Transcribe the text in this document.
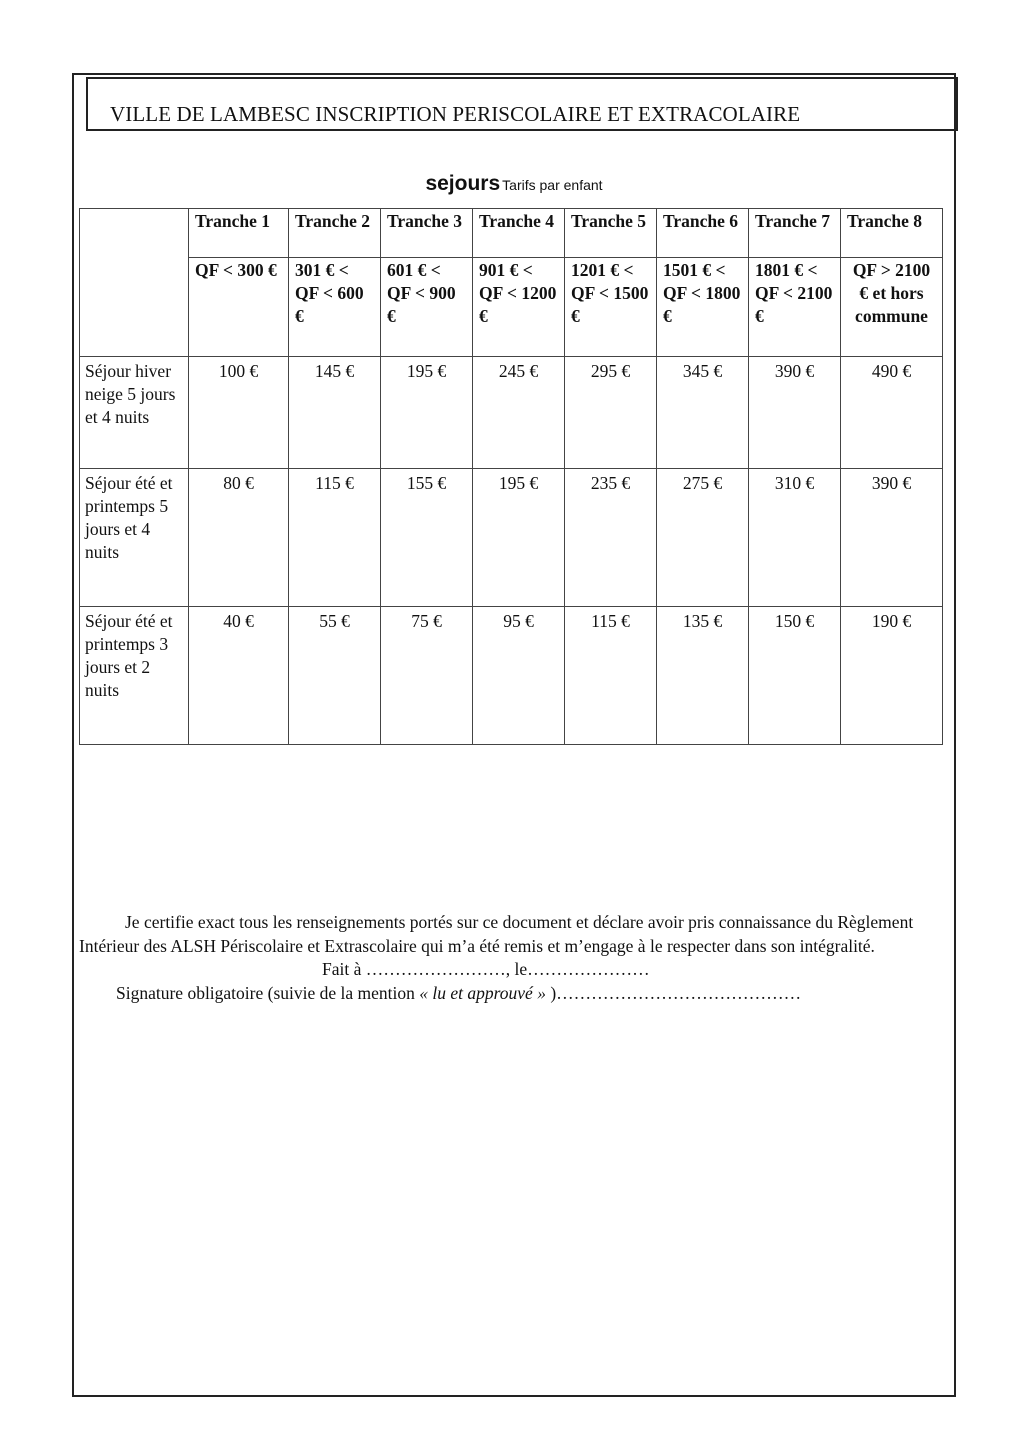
VILLE DE LAMBESC INSCRIPTION PERISCOLAIRE ET EXTRACOLAIRE
sejours Tarifs par enfant
	Tranche 1	Tranche 2	Tranche 3	Tranche 4	Tranche 5	Tranche 6	Tranche 7	Tranche 8
	QF < 300 €	301 € < QF < 600 €	601 € < QF < 900 €	901 € < QF < 1200 €	1201 € < QF < 1500 €	1501 € < QF < 1800 €	1801 € < QF < 2100 €	QF > 2100 € et hors commune
Séjour hiver neige 5 jours et 4 nuits	100 €	145 €	195 €	245 €	295 €	345 €	390 €	490 €
Séjour été et printemps 5 jours et 4 nuits	80 €	115 €	155 €	195 €	235 €	275 €	310 €	390 €
Séjour été et printemps 3 jours et 2 nuits	40 €	55 €	75 €	95 €	115 €	135 €	150 €	190 €
Je certifie exact tous les renseignements portés sur ce document et déclare avoir pris connaissance du Règlement Intérieur des ALSH Périscolaire et Extrascolaire qui m’a été remis et m’engage à le respecter dans son intégralité.
Fait à ……………………, le…………………
Signature obligatoire (suivie de la mention « lu et approuvé » )……………………………………
